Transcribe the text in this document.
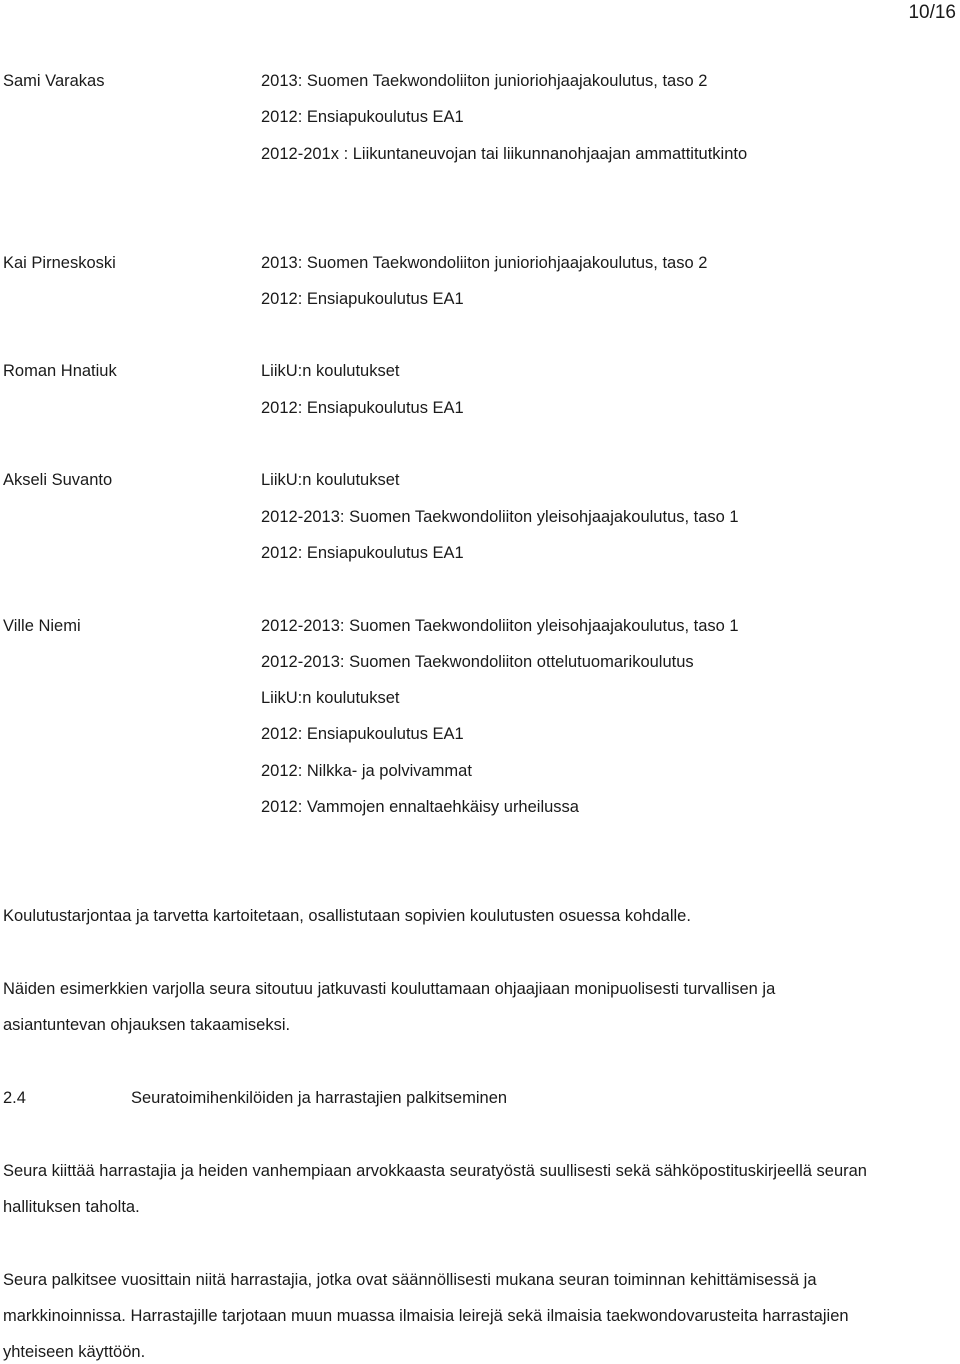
10/16
Sami Varakas	2013: Suomen Taekwondoliiton junioriohjaajakoulutus, taso 2
2012: Ensiapukoulutus EA1
2012-201x : Liikuntaneuvojan tai liikunnanohjaajan ammattitutkinto
Kai Pirneskoski	2013: Suomen Taekwondoliiton junioriohjaajakoulutus, taso 2
2012: Ensiapukoulutus EA1
Roman Hnatiuk	LiikU:n koulutukset
2012: Ensiapukoulutus EA1
Akseli Suvanto	LiikU:n koulutukset
2012-2013: Suomen Taekwondoliiton yleisohjaajakoulutus, taso 1
2012: Ensiapukoulutus EA1
Ville Niemi	2012-2013: Suomen Taekwondoliiton yleisohjaajakoulutus, taso 1
2012-2013: Suomen Taekwondoliiton ottelutuomarikoulutus
LiikU:n koulutukset
2012: Ensiapukoulutus EA1
2012: Nilkka- ja polvivammat
2012: Vammojen ennaltaehkäisy urheilussa
Koulutustarjontaa ja tarvetta kartoitetaan, osallistutaan sopivien koulutusten osuessa kohdalle.
Näiden esimerkkien varjolla seura sitoutuu jatkuvasti kouluttamaan ohjaajiaan monipuolisesti turvallisen ja
asiantuntevan ohjauksen takaamiseksi.
2.4	Seuratoimihenkilöiden ja harrastajien palkitseminen
Seura kiittää harrastajia ja heiden vanhempiaan arvokkaasta seuratyöstä suullisesti sekä sähköpostituskirjeellä seuran
hallituksen taholta.
Seura palkitsee vuosittain niitä harrastajia, jotka ovat säännöllisesti mukana seuran toiminnan kehittämisessä ja
markkinoinnissa. Harrastajille tarjotaan muun muassa ilmaisia leirejä sekä ilmaisia taekwondovarusteita harrastajien
yhteiseen käyttöön.
